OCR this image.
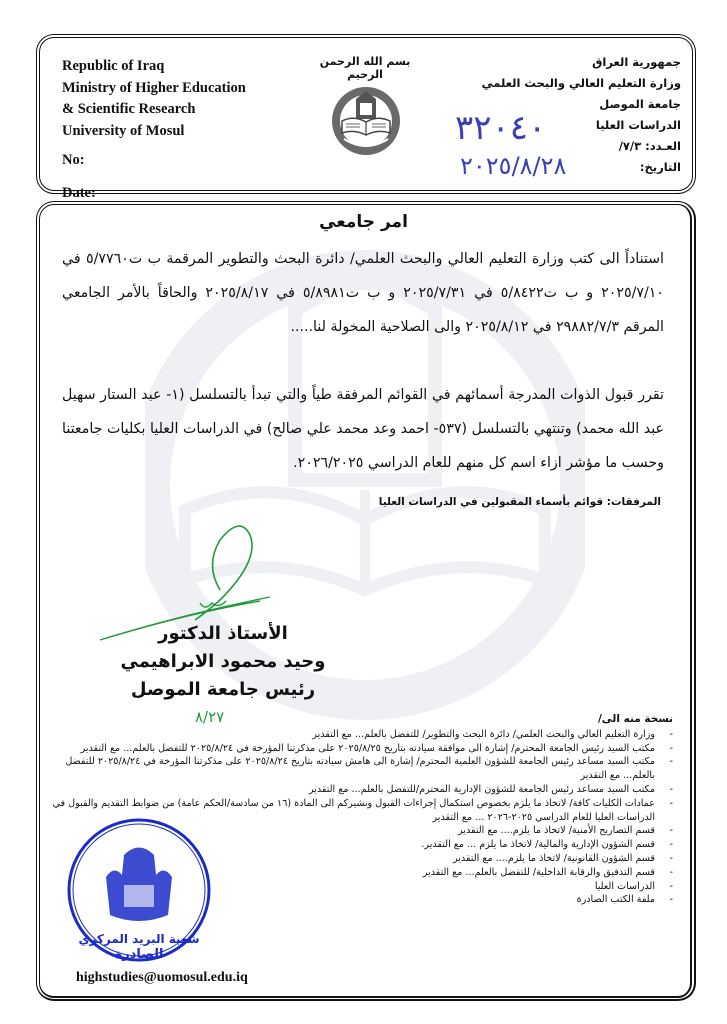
Republic of Iraq
Ministry of Higher Education
& Scientific Research
University of Mosul
No:
Date:
بسم الله الرحمن الرحيم
جمهورية العراق
وزارة التعليم العالي والبحث العلمي
جامعة الموصل
الدراسات العليا
العـدد: ٧/٣/
التاريخ:
٣٢٠٤٠
٢٠٢٥/٨/٢٨
امر جامعي
استناداً الى كتب وزارة التعليم العالي والبحث العلمي/ دائرة البحث والتطوير المرقمة ب ت٥/٧٧٦٠ في ٢٠٢٥/٧/١٠ و ب ت٥/٨٤٢٢ في ٢٠٢٥/٧/٣١ و ب ت٥/٨٩٨١ في ٢٠٢٥/٨/١٧ والحاقاً بالأمر الجامعي المرقم ٢٩٨٨٢/٧/٣ في ٢٠٢٥/٨/١٢ والى الصلاحية المخولة لنا.....
تقرر قبول الذوات المدرجة أسمائهم في القوائم المرفقة طياً والتي تبدأ بالتسلسل (١- عبد الستار سهيل عبد الله محمد) وتنتهي بالتسلسل (٥٣٧- احمد وعد محمد علي صالح) في الدراسات العليا بكليات جامعتنا وحسب ما مؤشر ازاء اسم كل منهم للعام الدراسي ٢٠٢٦/٢٠٢٥.
المرفقات: قوائم بأسماء المقبولين في الدراسات العليا
الأستاذ الدكتور
وحيد محمود الابراهيمي
رئيس جامعة الموصل
٨/٢٧	نسخة منه الى/
-
وزارة التعليم العالي والبحث العلمي/ دائرة البحث والتطوير/ للتفضل بالعلم... مع التقدير
-
مكتب السيد رئيس الجامعة المحترم/ إشارة الى موافقة سيادته بتاريخ ٢٠٢٥/٨/٢٥ على مذكرتنا المؤرخة في ٢٠٢٥/٨/٢٤ للتفضل بالعلم... مع التقدير
-
مكتب السيد مساعد رئيس الجامعة للشؤون العلمية المحترم/ إشارة الى هامش سيادته بتاريخ ٢٠٢٥/٨/٢٤ على مذكرتنا المؤرخة في ٢٠٢٥/٨/٢٤ للتفضل بالعلم... مع التقدير
-
مكتب السيد مساعد رئيس الجامعة للشؤون الإدارية المحترم/للتفضل بالعلم... مع التقدير
-
عمادات الكليات كافة/ لاتخاذ ما يلزم بخصوص استكمال إجراءات القبول ونشيركم الى المادة (١٦ من سادسة/الحكم عامة) من ضوابط التقديم والقبول في الدراسات العليا للعام الدراسي ٢٠٢٥-٢٠٢٦ ... مع التقدير
-
قسم التصاريح الأمنية/ لاتخاذ ما يلزم.... مع التقدير
-
قسم الشؤون الإدارية والمالية/ لاتخاذ ما يلزم ... مع التقدير.
-
قسم الشؤون القانونية/ لاتخاذ ما يلزم.... مع التقدير
-
قسم التدقيق والرقابة الداخلية/ للتفضل بالعلم... مع التقدير
-
الدراسات العليا
-
ملفة الكتب الصادرة
شعبة البريد المركزي
الصادرة
highstudies@uomosul.edu.iq
